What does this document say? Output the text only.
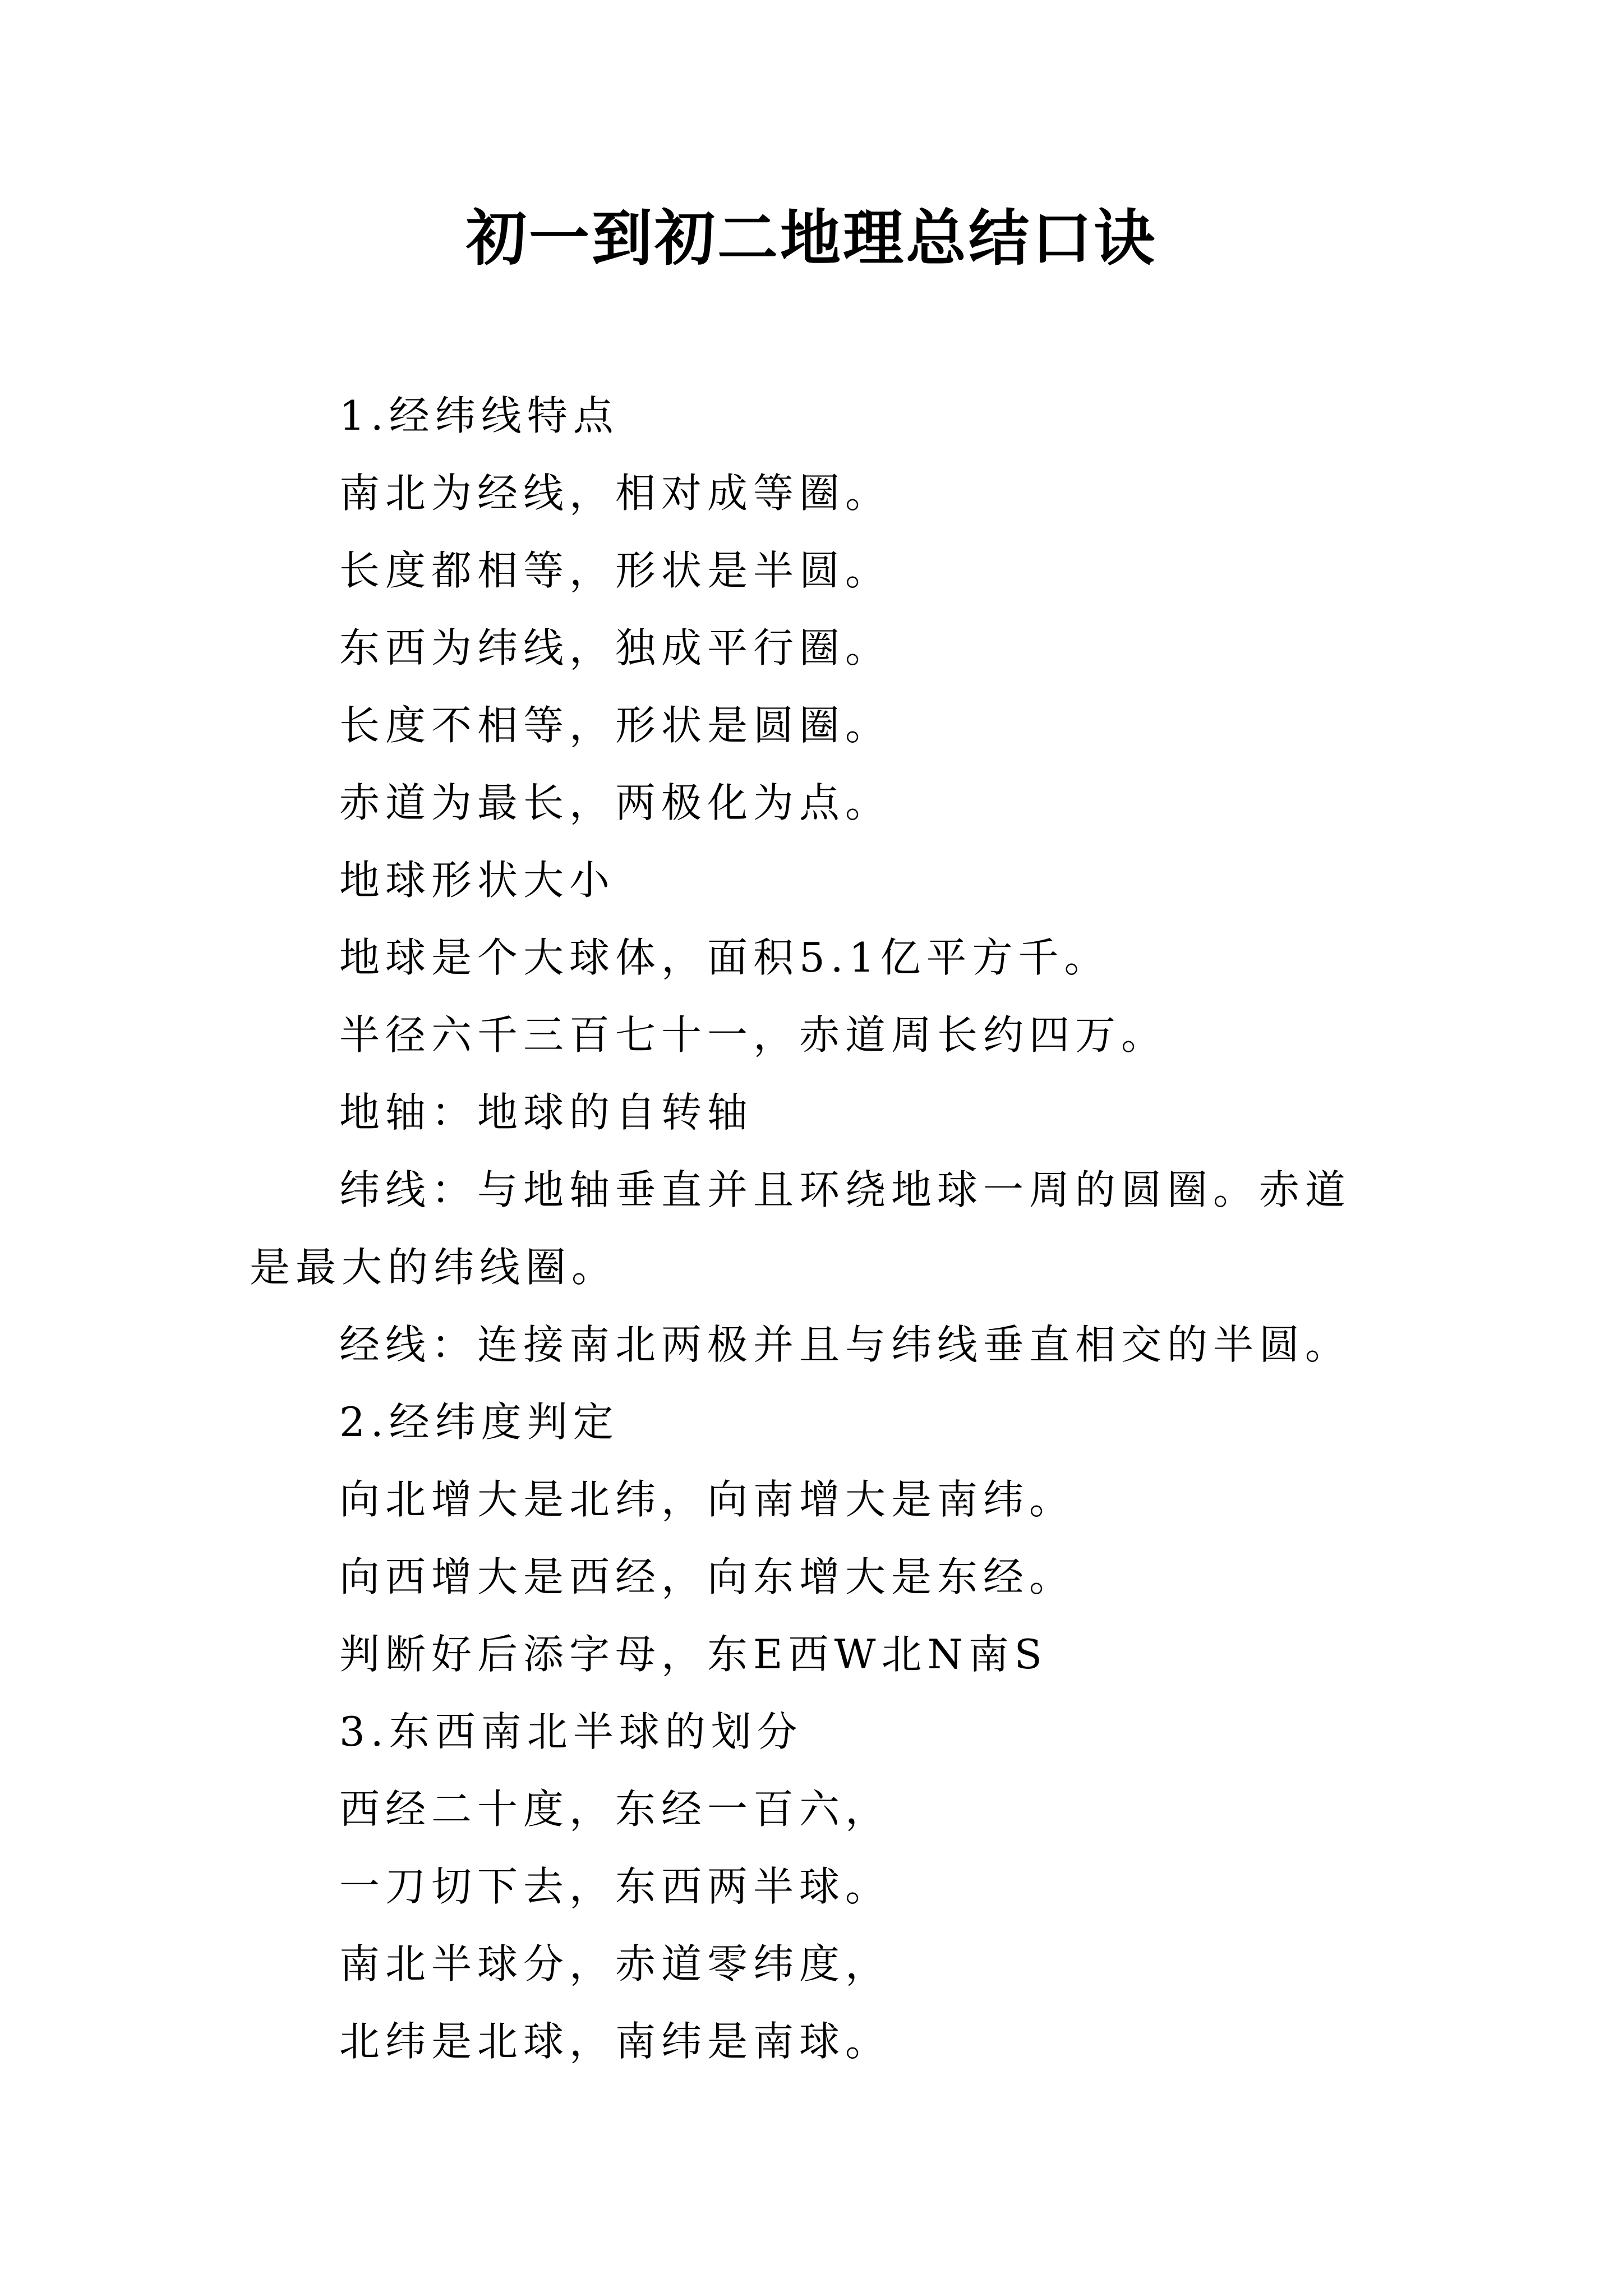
初一到初二地理总结口诀

1.经纬线特点

南北为经线，相对成等圈。

长度都相等，形状是半圆。

东西为纬线，独成平行圈。

长度不相等，形状是圆圈。

赤道为最长，两极化为点。

地球形状大小

地球是个大球体，面积5.1亿平方千。

半径六千三百七十一，赤道周长约四万。

地轴：地球的自转轴

纬线：与地轴垂直并且环绕地球一周的圆圈。赤道是最大的纬线圈。

经线：连接南北两极并且与纬线垂直相交的半圆。

2.经纬度判定

向北增大是北纬，向南增大是南纬。

向西增大是西经，向东增大是东经。

判断好后添字母，东E西W北N南S

3.东西南北半球的划分

西经二十度，东经一百六，

一刀切下去，东西两半球。

南北半球分，赤道零纬度，

北纬是北球，南纬是南球。
